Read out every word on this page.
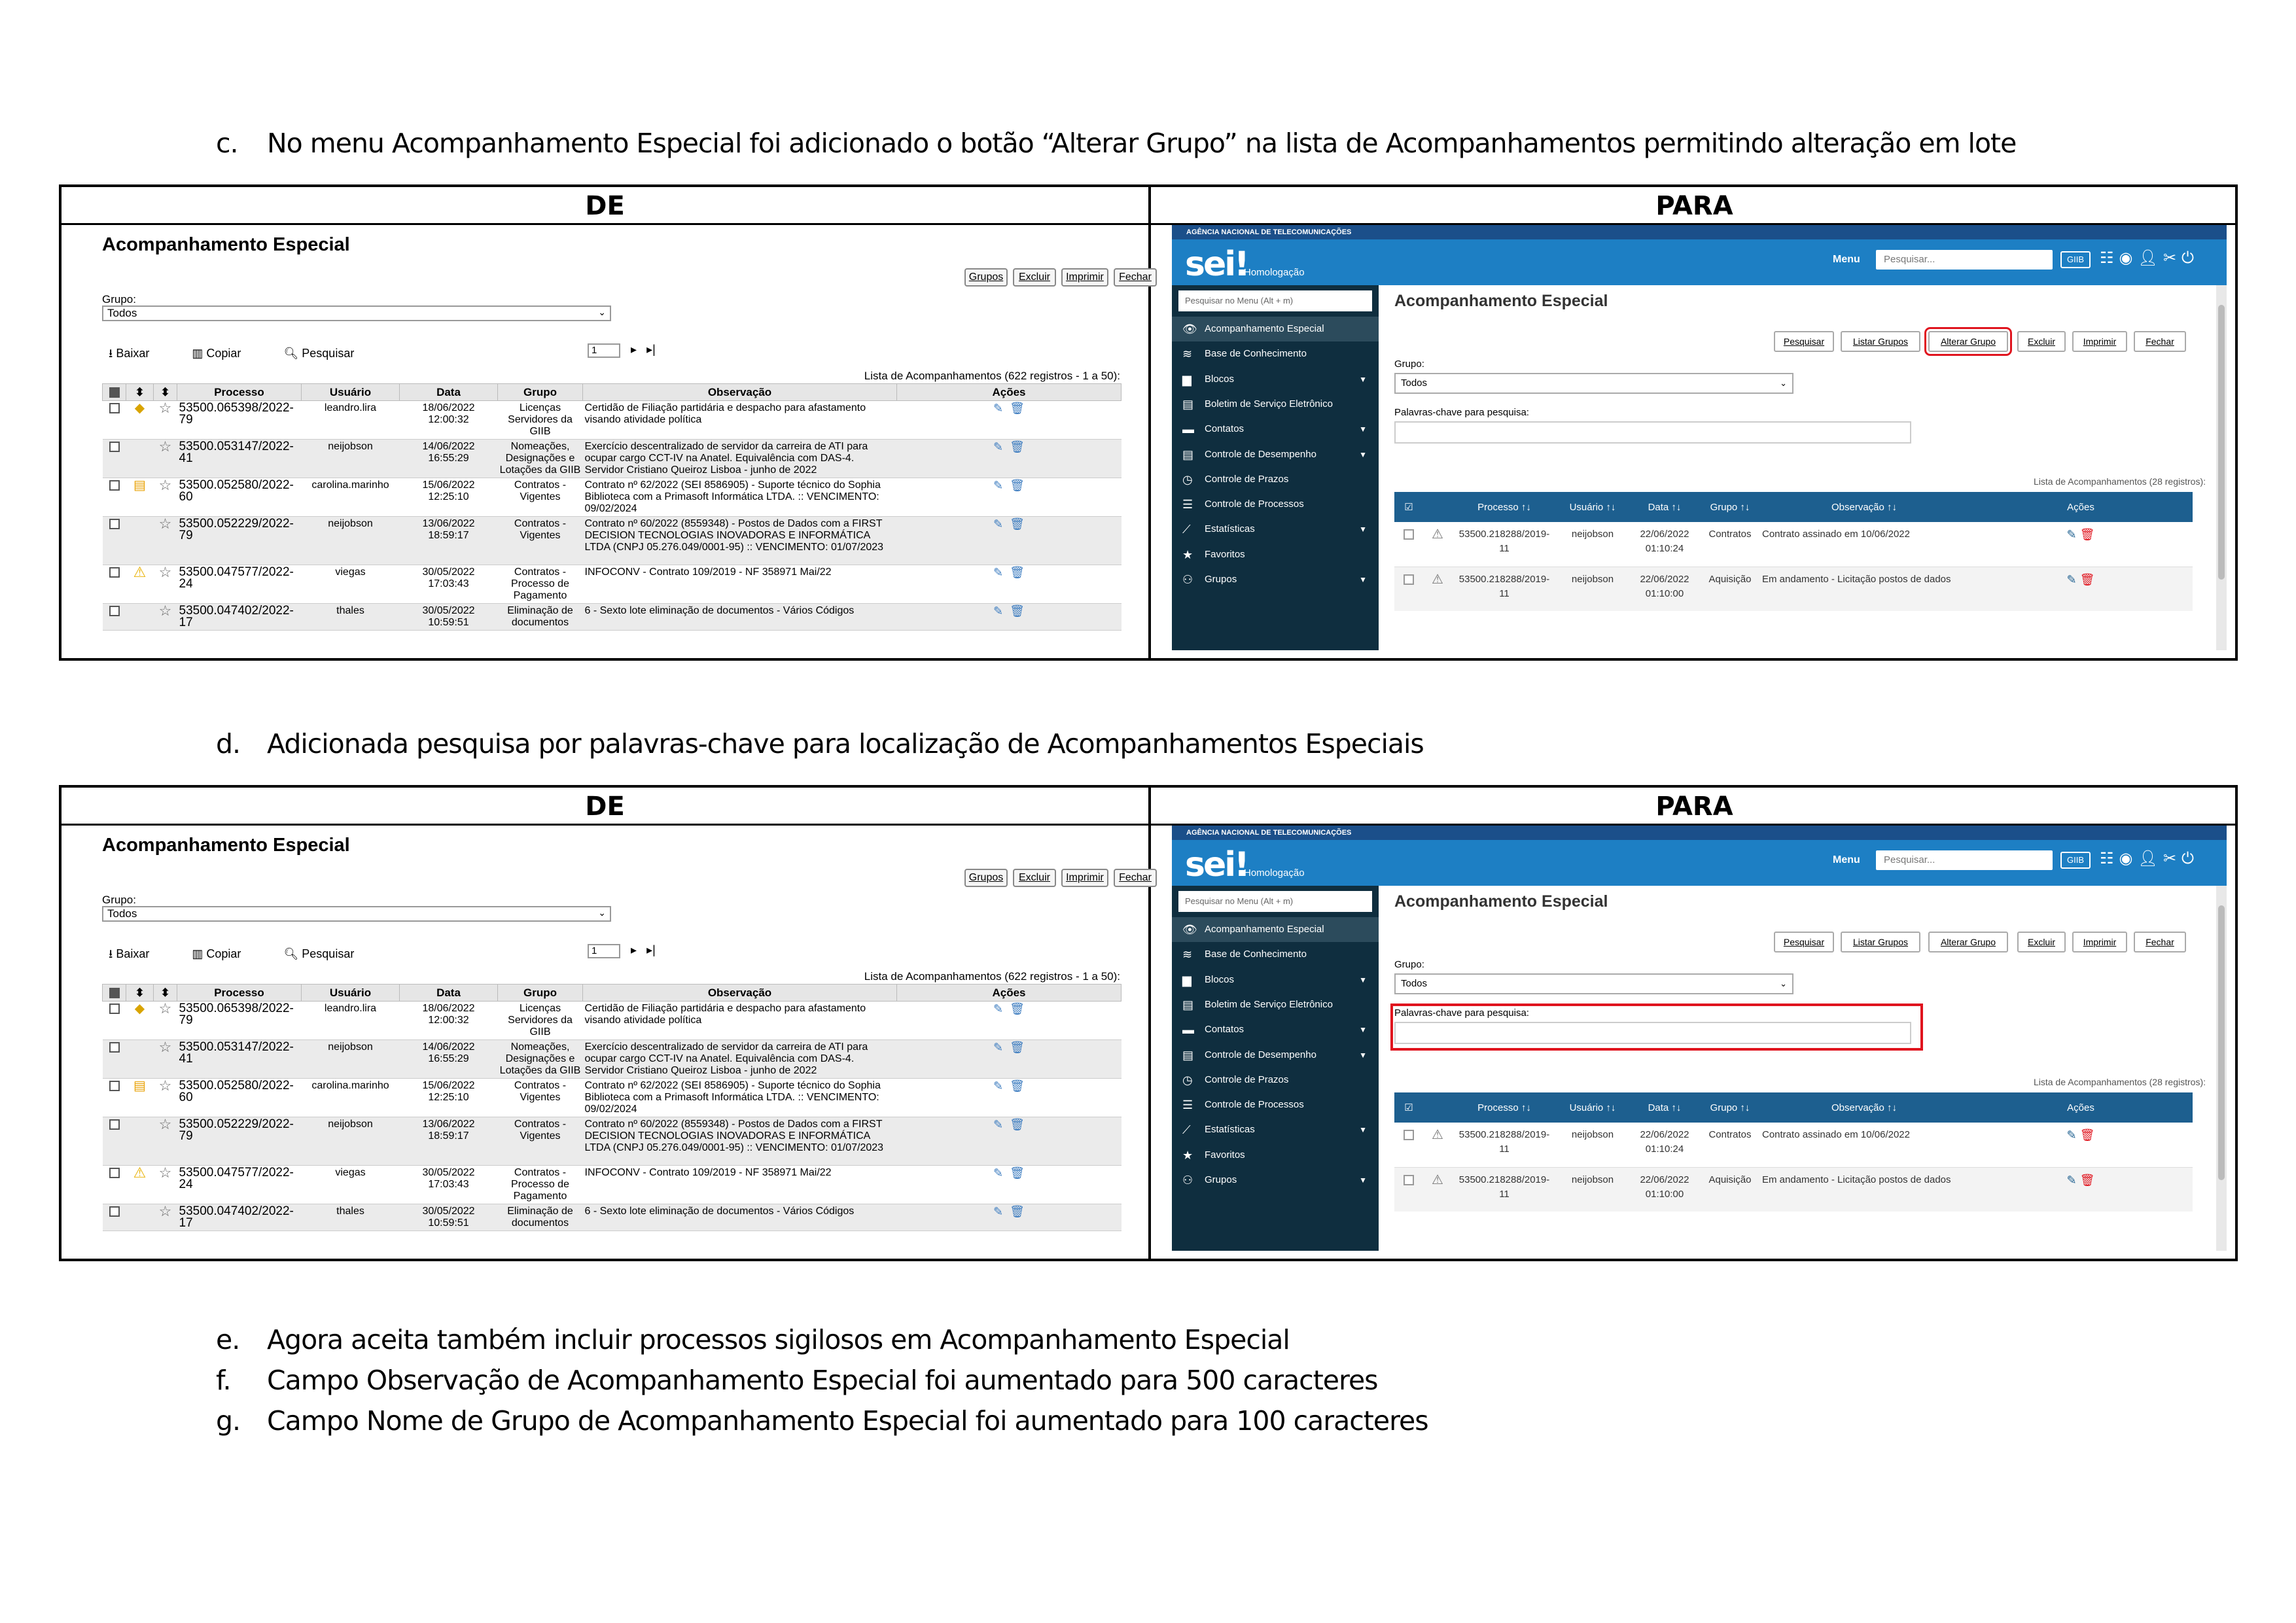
c. No menu Acompanhamento Especial foi adicionado o botão “Alterar Grupo” na lista de Acompanhamentos permitindo alteração em lote
d. Adicionada pesquisa por palavras-chave para localização de Acompanhamentos Especiais
DE	PARA
Acompanhamento Especial
Grupos	Excluir	Imprimir	Fechar
Grupo:
Todos	⌄
⭳ Baixar	▥ Copiar	🔍︎ Pesquisar	1	▸ ▸|
Lista de Acompanhamentos (622 registros - 1 a 50):
	⬍	⬍	Processo	Usuário	Data	Grupo	Observação	Ações
	◆	☆	53500.065398/2022-79	leandro.lira	18/06/2022 12:00:32	Licenças Servidores da GIIB	Certidão de Filiação partidária e despacho para afastamento visando atividade política	✎ 🗑︎
		☆	53500.053147/2022-41	neijobson	14/06/2022 16:55:29	Nomeações, Designações e Lotações da GIIB	Exercício descentralizado de servidor da carreira de ATI para ocupar cargo CCT-IV na Anatel. Equivalência com DAS-4. Servidor Cristiano Queiroz Lisboa - junho de 2022	✎ 🗑︎
	▤	☆	53500.052580/2022-60	carolina.marinho	15/06/2022 12:25:10	Contratos - Vigentes	Contrato nº 62/2022 (SEI 8586905) - Suporte técnico do Sophia Biblioteca com a Primasoft Informática LTDA. :: VENCIMENTO: 09/02/2024	✎ 🗑︎
		☆	53500.052229/2022-79	neijobson	13/06/2022 18:59:17	Contratos - Vigentes	Contrato nº 60/2022 (8559348) - Postos de Dados com a FIRST DECISION TECNOLOGIAS INOVADORAS E INFORMÁTICA LTDA (CNPJ 05.276.049/0001-95) :: VENCIMENTO: 01/07/2023	✎ 🗑︎
	⚠	☆	53500.047577/2022-24	viegas	30/05/2022 17:03:43	Contratos - Processo de Pagamento	INFOCONV - Contrato 109/2019 - NF 358971 Mai/22	✎ 🗑︎
		☆	53500.047402/2022-17	thales	30/05/2022 10:59:51	Eliminação de documentos	6 - Sexto lote eliminação de documentos - Vários Códigos	✎ 🗑︎
AGÊNCIA NACIONAL DE TELECOMUNICAÇÕES
sei!
Homologação
Menu	Pesquisar...	GIIB	☷◉👤︎✂⏻
Pesquisar no Menu (Alt + m)
👁 Acompanhamento Especial
≋ Base de Conhecimento
▆ Blocos	▼
▤ Boletim de Serviço Eletrônico
▬ Contatos	▼
▤ Controle de Desempenho	▼
◷ Controle de Prazos
☰ Controle de Processos
⟋ Estatísticas	▼
★ Favoritos
⚇ Grupos	▼
Acompanhamento Especial
Pesquisar	Listar Grupos	Alterar Grupo	Excluir	Imprimir	Fechar
Grupo:
Todos	⌄
Palavras-chave para pesquisa:
Lista de Acompanhamentos (28 registros):
☑		Processo ↑↓	Usuário ↑↓	Data ↑↓	Grupo ↑↓	Observação ↑↓	Ações
	⚠	53500.218288/2019-11	neijobson	22/06/2022 01:10:24	Contratos	Contrato assinado em 10/06/2022	✎ 🗑︎
	⚠	53500.218288/2019-11	neijobson	22/06/2022 01:10:00	Aquisição	Em andamento - Licitação postos de dados	✎ 🗑︎
DE	PARA
Acompanhamento Especial
Grupos	Excluir	Imprimir	Fechar
Grupo:
Todos	⌄
⭳ Baixar	▥ Copiar	🔍︎ Pesquisar	1	▸ ▸|
Lista de Acompanhamentos (622 registros - 1 a 50):
	⬍	⬍	Processo	Usuário	Data	Grupo	Observação	Ações
	◆	☆	53500.065398/2022-79	leandro.lira	18/06/2022 12:00:32	Licenças Servidores da GIIB	Certidão de Filiação partidária e despacho para afastamento visando atividade política	✎ 🗑︎
		☆	53500.053147/2022-41	neijobson	14/06/2022 16:55:29	Nomeações, Designações e Lotações da GIIB	Exercício descentralizado de servidor da carreira de ATI para ocupar cargo CCT-IV na Anatel. Equivalência com DAS-4. Servidor Cristiano Queiroz Lisboa - junho de 2022	✎ 🗑︎
	▤	☆	53500.052580/2022-60	carolina.marinho	15/06/2022 12:25:10	Contratos - Vigentes	Contrato nº 62/2022 (SEI 8586905) - Suporte técnico do Sophia Biblioteca com a Primasoft Informática LTDA. :: VENCIMENTO: 09/02/2024	✎ 🗑︎
		☆	53500.052229/2022-79	neijobson	13/06/2022 18:59:17	Contratos - Vigentes	Contrato nº 60/2022 (8559348) - Postos de Dados com a FIRST DECISION TECNOLOGIAS INOVADORAS E INFORMÁTICA LTDA (CNPJ 05.276.049/0001-95) :: VENCIMENTO: 01/07/2023	✎ 🗑︎
	⚠	☆	53500.047577/2022-24	viegas	30/05/2022 17:03:43	Contratos - Processo de Pagamento	INFOCONV - Contrato 109/2019 - NF 358971 Mai/22	✎ 🗑︎
		☆	53500.047402/2022-17	thales	30/05/2022 10:59:51	Eliminação de documentos	6 - Sexto lote eliminação de documentos - Vários Códigos	✎ 🗑︎
AGÊNCIA NACIONAL DE TELECOMUNICAÇÕES
sei!
Homologação
Menu	Pesquisar...	GIIB	☷◉👤︎✂⏻
Pesquisar no Menu (Alt + m)
👁 Acompanhamento Especial
≋ Base de Conhecimento
▆ Blocos	▼
▤ Boletim de Serviço Eletrônico
▬ Contatos	▼
▤ Controle de Desempenho	▼
◷ Controle de Prazos
☰ Controle de Processos
⟋ Estatísticas	▼
★ Favoritos
⚇ Grupos	▼
Acompanhamento Especial
Pesquisar	Listar Grupos	Alterar Grupo	Excluir	Imprimir	Fechar
Grupo:
Todos	⌄
Palavras-chave para pesquisa:
Lista de Acompanhamentos (28 registros):
☑		Processo ↑↓	Usuário ↑↓	Data ↑↓	Grupo ↑↓	Observação ↑↓	Ações
	⚠	53500.218288/2019-11	neijobson	22/06/2022 01:10:24	Contratos	Contrato assinado em 10/06/2022	✎ 🗑︎
	⚠	53500.218288/2019-11	neijobson	22/06/2022 01:10:00	Aquisição	Em andamento - Licitação postos de dados	✎ 🗑︎
e. Agora aceita também incluir processos sigilosos em Acompanhamento Especial
f. Campo Observação de Acompanhamento Especial foi aumentado para 500 caracteres
g. Campo Nome de Grupo de Acompanhamento Especial foi aumentado para 100 caracteres
